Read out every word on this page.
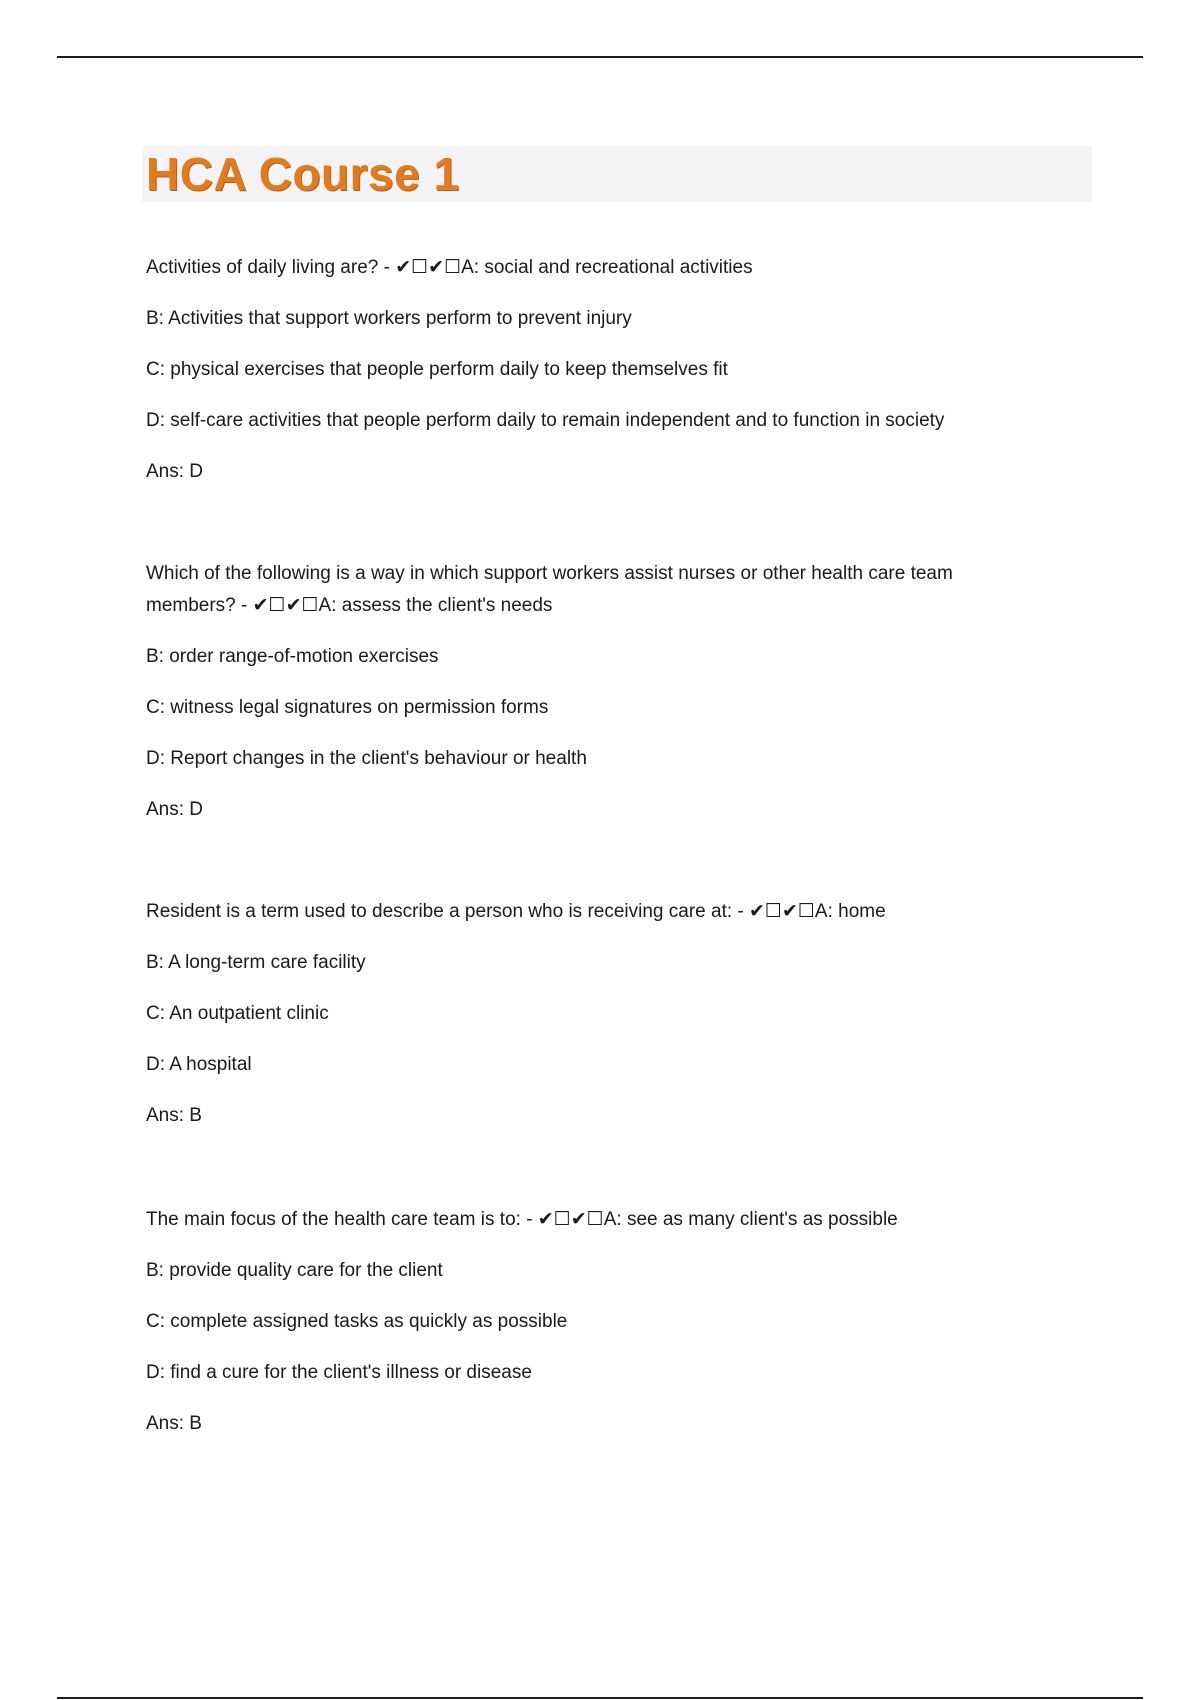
HCA Course 1

Activities of daily living are? - ✔☐✔☐A: social and recreational activities

B: Activities that support workers perform to prevent injury

C: physical exercises that people perform daily to keep themselves fit

D: self-care activities that people perform daily to remain independent and to function in society

Ans: D

Which of the following is a way in which support workers assist nurses or other health care team members? - ✔☐✔☐A: assess the client's needs

B: order range-of-motion exercises

C: witness legal signatures on permission forms

D: Report changes in the client's behaviour or health

Ans: D

Resident is a term used to describe a person who is receiving care at: - ✔☐✔☐A: home

B: A long-term care facility

C: An outpatient clinic

D: A hospital

Ans: B

The main focus of the health care team is to: - ✔☐✔☐A: see as many client's as possible

B: provide quality care for the client

C: complete assigned tasks as quickly as possible

D: find a cure for the client's illness or disease

Ans: B
